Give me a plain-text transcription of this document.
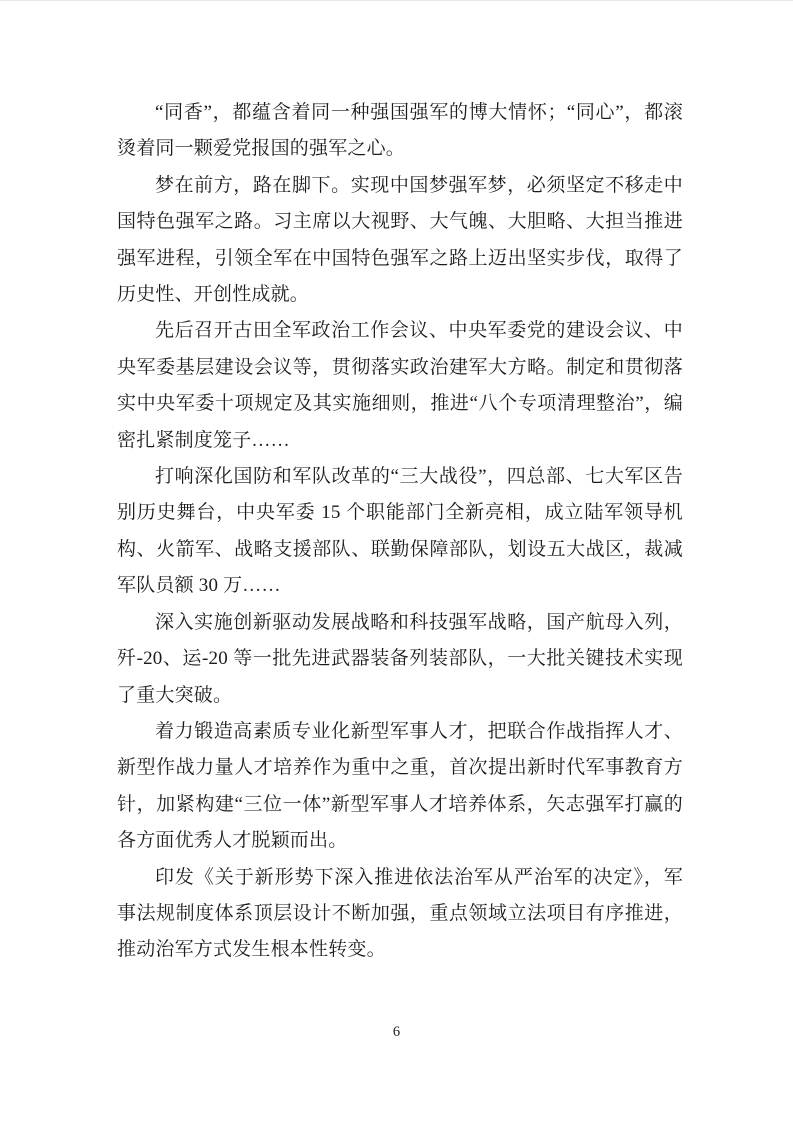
“同香”，都蕴含着同一种强国强军的博大情怀；“同心”，都滚烫着同一颗爱党报国的强军之心。

梦在前方，路在脚下。实现中国梦强军梦，必须坚定不移走中国特色强军之路。习主席以大视野、大气魄、大胆略、大担当推进强军进程，引领全军在中国特色强军之路上迈出坚实步伐，取得了历史性、开创性成就。

先后召开古田全军政治工作会议、中央军委党的建设会议、中央军委基层建设会议等，贯彻落实政治建军大方略。制定和贯彻落实中央军委十项规定及其实施细则，推进“八个专项清理整治”，编密扎紧制度笼子……

打响深化国防和军队改革的“三大战役”，四总部、七大军区告别历史舞台，中央军委 15 个职能部门全新亮相，成立陆军领导机构、火箭军、战略支援部队、联勤保障部队，划设五大战区，裁减军队员额 30 万……

深入实施创新驱动发展战略和科技强军战略，国产航母入列，歼-20、运-20 等一批先进武器装备列装部队，一大批关键技术实现了重大突破。

着力锻造高素质专业化新型军事人才，把联合作战指挥人才、新型作战力量人才培养作为重中之重，首次提出新时代军事教育方针，加紧构建“三位一体”新型军事人才培养体系，矢志强军打赢的各方面优秀人才脱颖而出。

印发《关于新形势下深入推进依法治军从严治军的决定》，军事法规制度体系顶层设计不断加强，重点领域立法项目有序推进，推动治军方式发生根本性转变。

6
